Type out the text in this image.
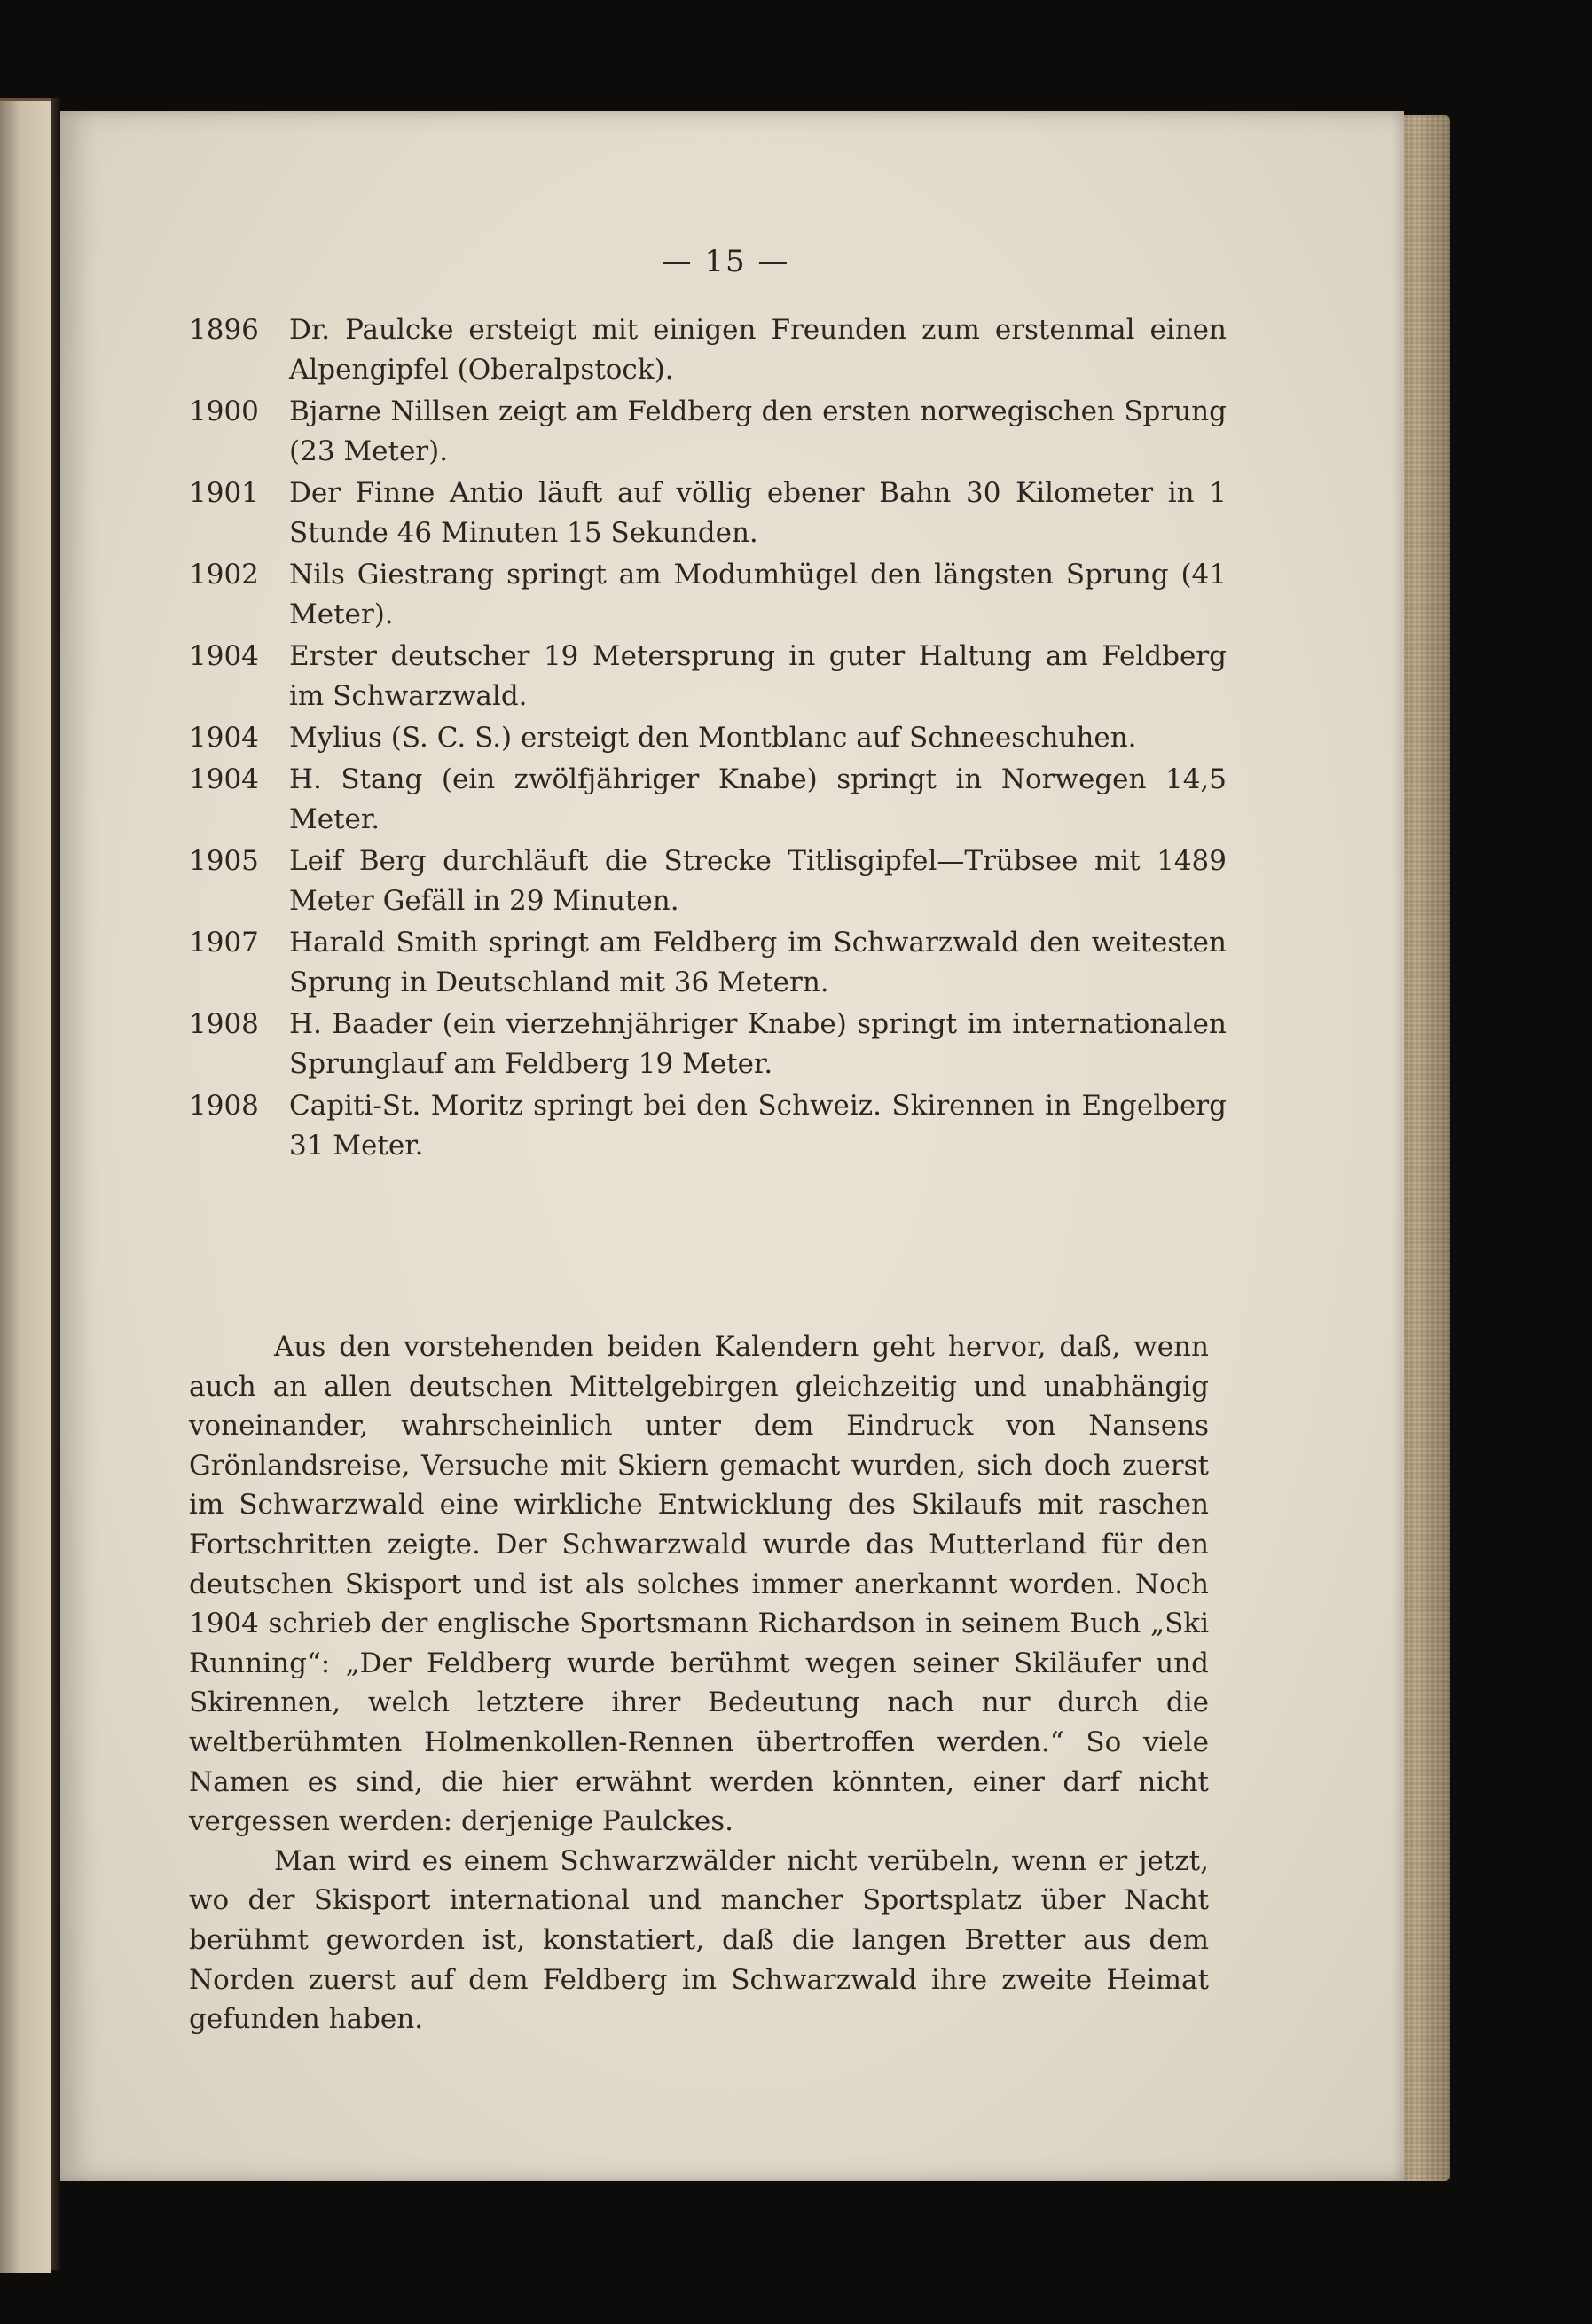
— 15 —
1896	Dr. Paulcke ersteigt mit einigen Freunden zum erstenmal einen Alpengipfel (Oberalpstock).
1900	Bjarne Nillsen zeigt am Feldberg den ersten norwegischen Sprung (23 Meter).
1901	Der Finne Antio läuft auf völlig ebener Bahn 30 Kilometer in 1 Stunde 46 Minuten 15 Sekunden.
1902	Nils Giestrang springt am Modumhügel den längsten Sprung (41 Meter).
1904	Erster deutscher 19 Metersprung in guter Haltung am Feldberg im Schwarzwald.
1904	Mylius (S. C. S.) ersteigt den Montblanc auf Schneeschuhen.
1904	H. Stang (ein zwölfjähriger Knabe) springt in Norwegen 14,5 Meter.
1905	Leif Berg durchläuft die Strecke Titlisgipfel—Trübsee mit 1489 Meter Gefäll in 29 Minuten.
1907	Harald Smith springt am Feldberg im Schwarzwald den weitesten Sprung in Deutschland mit 36 Metern.
1908	H. Baader (ein vierzehnjähriger Knabe) springt im internationalen Sprunglauf am Feldberg 19 Meter.
1908	Capiti-St. Moritz springt bei den Schweiz. Skirennen in Engelberg 31 Meter.

Aus den vorstehenden beiden Kalendern geht hervor, daß, wenn auch an allen deutschen Mittelgebirgen gleichzeitig und unabhängig voneinander, wahrscheinlich unter dem Eindruck von Nansens Grönlandsreise, Versuche mit Skiern gemacht wurden, sich doch zuerst im Schwarzwald eine wirkliche Entwicklung des Skilaufs mit raschen Fortschritten zeigte. Der Schwarzwald wurde das Mutterland für den deutschen Skisport und ist als solches immer anerkannt worden. Noch 1904 schrieb der englische Sportsmann Richardson in seinem Buch „Ski Running“: „Der Feldberg wurde berühmt wegen seiner Skiläufer und Skirennen, welch letztere ihrer Bedeutung nach nur durch die weltberühmten Holmenkollen-Rennen übertroffen werden.“ So viele Namen es sind, die hier erwähnt werden könnten, einer darf nicht vergessen werden: derjenige Paulckes.

Man wird es einem Schwarzwälder nicht verübeln, wenn er jetzt, wo der Skisport international und mancher Sportsplatz über Nacht berühmt geworden ist, konstatiert, daß die langen Bretter aus dem Norden zuerst auf dem Feldberg im Schwarzwald ihre zweite Heimat gefunden haben.
